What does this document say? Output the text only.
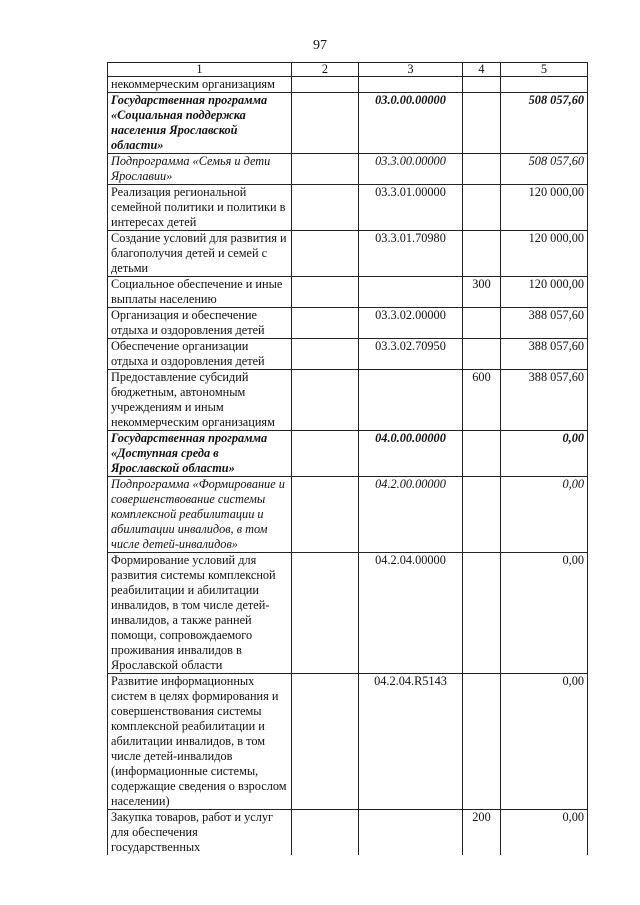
97
1	2	3	4	5
некоммерческим организациям				
Государственная программа «Социальная поддержка населения Ярославской области»		03.0.00.00000		508 057,60
Подпрограмма «Семья и дети Ярославии»		03.3.00.00000		508 057,60
Реализация региональной семейной политики и политики в интересах детей		03.3.01.00000		120 000,00
Создание условий для развития и благополучия детей и семей с детьми		03.3.01.70980		120 000,00
Социальное обеспечение и иные выплаты населению			300	120 000,00
Организация и обеспечение отдыха и оздоровления детей		03.3.02.00000		388 057,60
Обеспечение организации отдыха и оздоровления детей		03.3.02.70950		388 057,60
Предоставление субсидий бюджетным, автономным учреждениям и иным некоммерческим организациям			600	388 057,60
Государственная программа «Доступная среда в Ярославской области»		04.0.00.00000		0,00
Подпрограмма «Формирование и совершенствование системы комплексной реабилитации и абилитации инвалидов, в том числе детей-инвалидов»		04.2.00.00000		0,00
Формирование условий для развития системы комплексной реабилитации и абилитации инвалидов, в том числе детей-инвалидов, а также ранней помощи, сопровождаемого проживания инвалидов в Ярославской области		04.2.04.00000		0,00
Развитие информационных систем в целях формирования и совершенствования системы комплексной реабилитации и абилитации инвалидов, в том числе детей-инвалидов (информационные системы, содержащие сведения о взрослом населении)		04.2.04.R5143		0,00
Закупка товаров, работ и услуг для обеспечения государственных			200	0,00
